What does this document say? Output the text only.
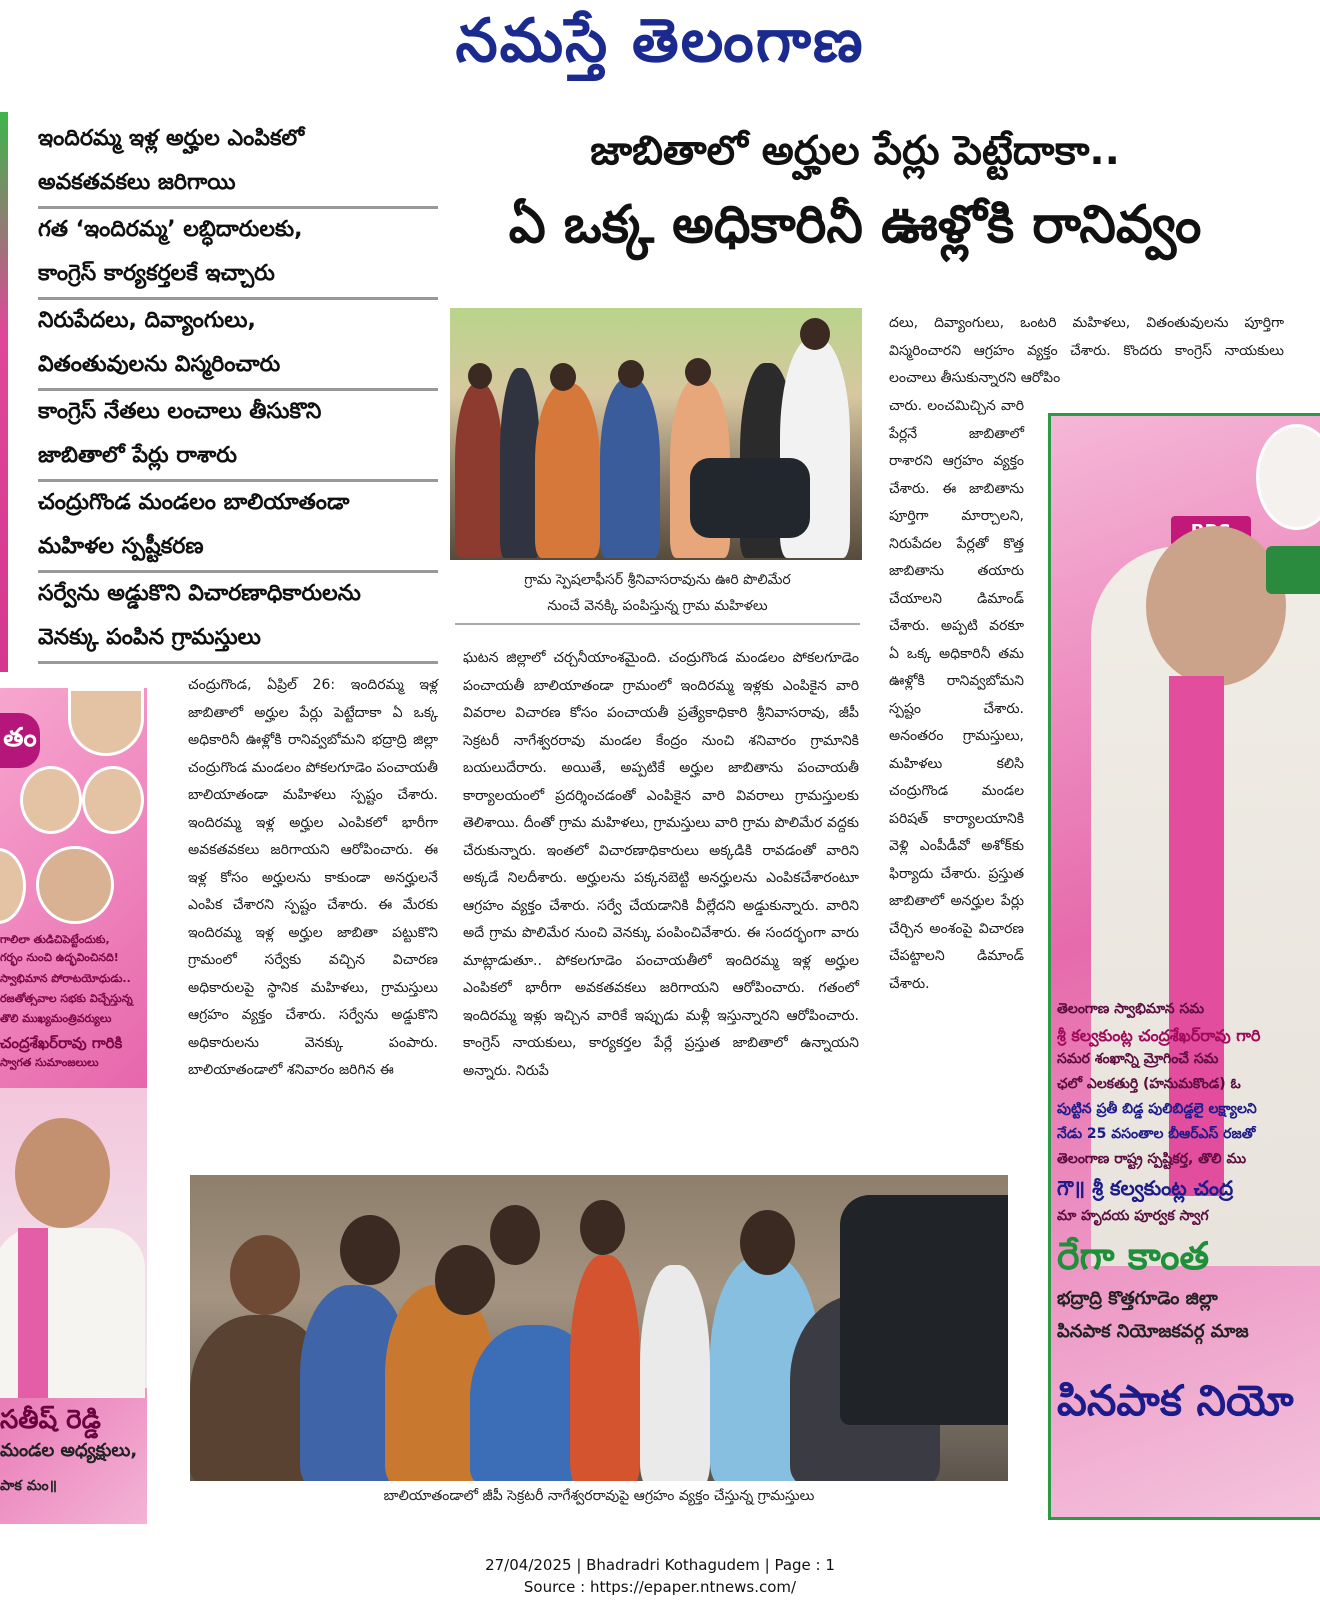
నమస్తే తెలంగాణ
తం
గాలిలా తుడిచిపెట్టేందుకు,
గర్భం నుంచి ఉద్భవించినది!
స్వాభిమాన పోరాటయోధుడు..
రజతోత్సవాల సభకు విచ్చేస్తున్న
తొలి ముఖ్యమంత్రివర్యులు
చంద్రశేఖర్‌రావు గారికి
స్వాగత సుమాంజలులు
సతీష్ రెడ్డి
మండల అధ్యక్షులు,
పాక మం॥
ఇందిరమ్మ ఇళ్ల అర్హుల ఎంపికలో
అవకతవకలు జరిగాయి
గత ‘ఇందిరమ్మ’ లబ్ధిదారులకు,
కాంగ్రెస్ కార్యకర్తలకే ఇచ్చారు
నిరుపేదలు, దివ్యాంగులు,
వితంతువులను విస్మరించారు
కాంగ్రెస్ నేతలు లంచాలు తీసుకొని
జాబితాలో పేర్లు రాశారు
చంద్రుగొండ మండలం బాలియాతండా
మహిళల స్పష్టీకరణ
సర్వేను అడ్డుకొని విచారణాధికారులను
వెనక్కు పంపిన గ్రామస్తులు
జాబితాలో అర్హుల పేర్లు పెట్టేదాకా..
ఏ ఒక్క అధికారినీ ఊళ్లోకి రానివ్వం
గ్రామ స్పెషలాఫీసర్ శ్రీనివాసరావును ఊరి పొలిమేర
నుంచే వెనక్కి పంపిస్తున్న గ్రామ మహిళలు
చంద్రుగొండ, ఏప్రిల్ 26: ఇందిరమ్మ ఇళ్ల జాబితాలో అర్హుల పేర్లు పెట్టేదాకా ఏ ఒక్క అధికారినీ ఊళ్లోకి రానివ్వబోమని భద్రాద్రి జిల్లా చంద్రుగొండ మండలం పోకలగూడెం పంచాయతీ బాలియాతండా మహిళలు స్పష్టం చేశారు. ఇందిరమ్మ ఇళ్ల అర్హుల ఎంపికలో భారీగా అవకతవకలు జరిగాయని ఆరోపించారు. ఈ ఇళ్ల కోసం అర్హులను కాకుండా అనర్హులనే ఎంపిక చేశారని స్పష్టం చేశారు. ఈ మేరకు ఇందిరమ్మ ఇళ్ల అర్హుల జాబితా పట్టుకొని గ్రామంలో సర్వేకు వచ్చిన విచారణ అధికారులపై స్థానిక మహిళలు, గ్రామస్తులు ఆగ్రహం వ్యక్తం చేశారు. సర్వేను అడ్డుకొని అధికారులను వెనక్కు పంపారు. బాలియాతండాలో శనివారం జరిగిన ఈ
ఘటన జిల్లాలో చర్చనీయాంశమైంది. చంద్రుగొండ మండలం పోకలగూడెం పంచాయతీ బాలియాతండా గ్రామంలో ఇందిరమ్మ ఇళ్లకు ఎంపికైన వారి వివరాల విచారణ కోసం పంచాయతీ ప్రత్యేకాధికారి శ్రీనివాసరావు, జీపీ సెక్రటరీ నాగేశ్వరరావు మండల కేంద్రం నుంచి శనివారం గ్రామానికి బయలుదేరారు. అయితే, అప్పటికే అర్హుల జాబితాను పంచాయతీ కార్యాలయంలో ప్రదర్శించడంతో ఎంపికైన వారి వివరాలు గ్రామస్తులకు తెలిశాయి. దీంతో గ్రామ మహిళలు, గ్రామస్తులు వారి గ్రామ పొలిమేర వద్దకు చేరుకున్నారు. ఇంతలో విచారణాధికారులు అక్కడికి రావడంతో వారిని అక్కడే నిలదీశారు. అర్హులను పక్కనబెట్టి అనర్హులను ఎంపికచేశారంటూ ఆగ్రహం వ్యక్తం చేశారు. సర్వే చేయడానికి వీల్లేదని అడ్డుకున్నారు. వారిని అదే గ్రామ పొలిమేర నుంచి వెనక్కు పంపించివేశారు. ఈ సందర్భంగా వారు మాట్లాడుతూ.. పోకలగూడెం పంచాయతీలో ఇందిరమ్మ ఇళ్ల అర్హుల ఎంపికలో భారీగా అవకతవకలు జరిగాయని ఆరోపించారు. గతంలో ఇందిరమ్మ ఇళ్లు ఇచ్చిన వారికే ఇప్పుడు మళ్లీ ఇస్తున్నారని ఆరోపించారు. కాంగ్రెస్ నాయకులు, కార్యకర్తల పేర్లే ప్రస్తుత జాబితాలో ఉన్నాయని అన్నారు. నిరుపే
దలు, దివ్యాంగులు, ఒంటరి మహిళలు, వితంతువులను పూర్తిగా విస్మరించారని ఆగ్రహం వ్యక్తం చేశారు. కొందరు కాంగ్రెస్ నాయకులు లంచాలు తీసుకున్నారని ఆరోపిం
చారు. లంచమిచ్చిన వారి పేర్లనే జాబితాలో రాశారని ఆగ్రహం వ్యక్తం చేశారు. ఈ జాబితాను పూర్తిగా మార్చాలని, నిరుపేదల పేర్లతో కొత్త జాబితాను తయారు చేయాలని డిమాండ్ చేశారు. అప్పటి వరకూ ఏ ఒక్క అధికారినీ తమ ఊళ్లోకి రానివ్వబోమని స్పష్టం చేశారు. అనంతరం గ్రామస్తులు, మహిళలు కలిసి చంద్రుగొండ మండల పరిషత్ కార్యాలయానికి వెళ్లి ఎంపీడీవో అశోక్‌కు ఫిర్యాదు చేశారు. ప్రస్తుత జాబితాలో అనర్హుల పేర్లు చేర్చిన అంశంపై విచారణ చేపట్టాలని డిమాండ్ చేశారు.
బాలియాతండాలో జీపీ సెక్రటరీ నాగేశ్వరరావుపై ఆగ్రహం వ్యక్తం చేస్తున్న గ్రామస్తులు
తెలంగాణ స్వాభిమాన సమ
శ్రీ కల్వకుంట్ల చంద్రశేఖర్‌రావు గారి
సమర శంఖాన్ని మ్రోగించే సమ
ఛలో ఎలకతుర్తి (హనుమకొండ) ఓ
పుట్టిన ప్రతీ బిడ్డ పులిబిడ్డలై లక్ష్యాలని
నేడు 25 వసంతాల బీఆర్ఎస్ రజతో
తెలంగాణ రాష్ట్ర స్పష్టికర్త, తొలి ము
గౌ॥ శ్రీ కల్వకుంట్ల చంద్ర
మా హృదయ పూర్వక స్వాగ
రేగా కాంత
భద్రాద్రి కొత్తగూడెం జిల్లా
పినపాక నియోజకవర్గ మాజ
పినపాక నియో
27/04/2025 | Bhadradri Kothagudem | Page : 1
Source : https://epaper.ntnews.com/
